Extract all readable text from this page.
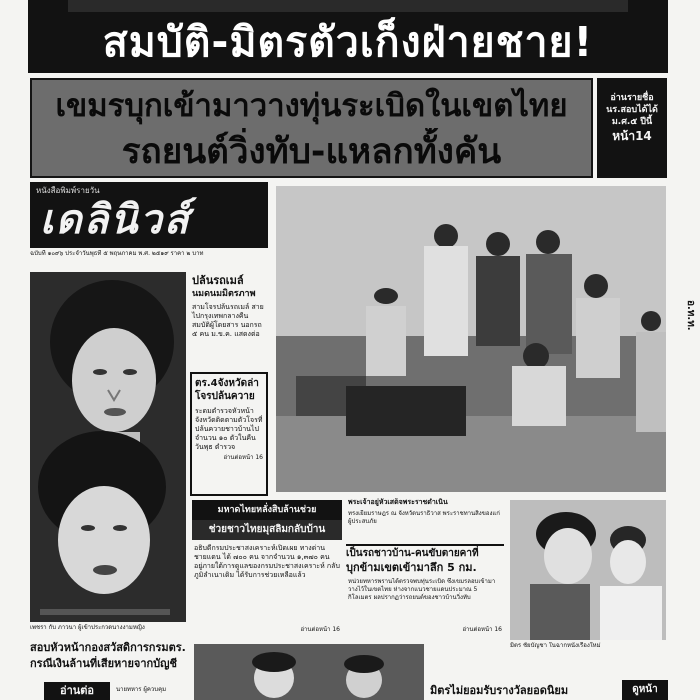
สมบัติ-มิตรตัวเก็งฝ่ายชาย!
เขมรบุกเข้ามาวางทุ่นระเบิดในเขตไทย
รถยนต์วิ่งทับ-แหลกทั้งคัน
อ่านรายชื่อ
นร.สอบได้ได้
ม.ศ.๕ ปีนี้
หน้า14
หนังสือพิมพ์รายวัน
เดลินิวส์
ฉบับที่ ๑๐๙๖ ประจำวันพุธที่ ๕ พฤษภาคม พ.ศ. ๒๕๑๙ ราคา ๒ บาท
ปล้นรถเมล์
นมดนมมิตรภาพ
สามโจรปล้นรถเมล์ สายไปกรุงเทพกลางคืน สมบัติผู้โดยสาร นอกรถ ๕ คน ม.ข.ค. แสดงต่อ
ตร.4จังหวัดล่า
โจรปล้นควาย
ระดมตำรวจหัวหน้าจังหวัดติดตามตัวโจรที่ปล้นควายชาวบ้านไปจำนวน ๑๐ ตัวในคืนวันพุธ ตำรวจ
อ่านต่อหน้า 16
อ.ท.ท.
มหาดไทยหลั่งสิบล้านช่วย
ช่วยชาวไทยมุสลิมกลับบ้าน
อธิบดีกรมประชาสงเคราะห์เปิดเผย ทางด่านชายแดน ได้ ๗๐๐ คน จากจำนวน ๑,๓๗๐ คน อยู่ภายใต้การดูแลของกรมประชาสงเคราะห์ กลับภูมิลำเนาเดิม ได้รับการช่วยเหลือแล้ว
อ่านต่อหน้า 16
พระเจ้าอยู่หัวเสด็จพระราชดำเนิน
ทรงเยี่ยมราษฎร ณ จังหวัดนราธิวาส พระราชทานสิ่งของแก่ผู้ประสบภัย
เป็นรถชาวบ้าน-คนขับตายคาที่
บุกข้ามเขตเข้ามาลึก 5 กม.
หน่วยทหารพรานได้ตรวจพบทุ่นระเบิด ซึ่งเขมรลอบเข้ามาวางไว้ในเขตไทย ห่างจากแนวชายแดนประมาณ 5 กิโลเมตร ผลปรากฏว่ารถยนต์ของชาวบ้านวิ่งทับ
อ่านต่อหน้า 16
มิตร ชัยบัญชา ในฉากหนังเรื่องใหม่
เพชรา กับ ภาวนา ผู้เข้าประกวดนางงามหญิง
สอบหัวหน้ากองสวัสดิการกรมตร.
กรณีเงินล้านที่เสียหายจากบัญชี
อ่านต่อ	นายทหาร ผู้ควบคุม	มิตรไม่ยอมรับรางวัลยอดนิยม	ดูหน้า
